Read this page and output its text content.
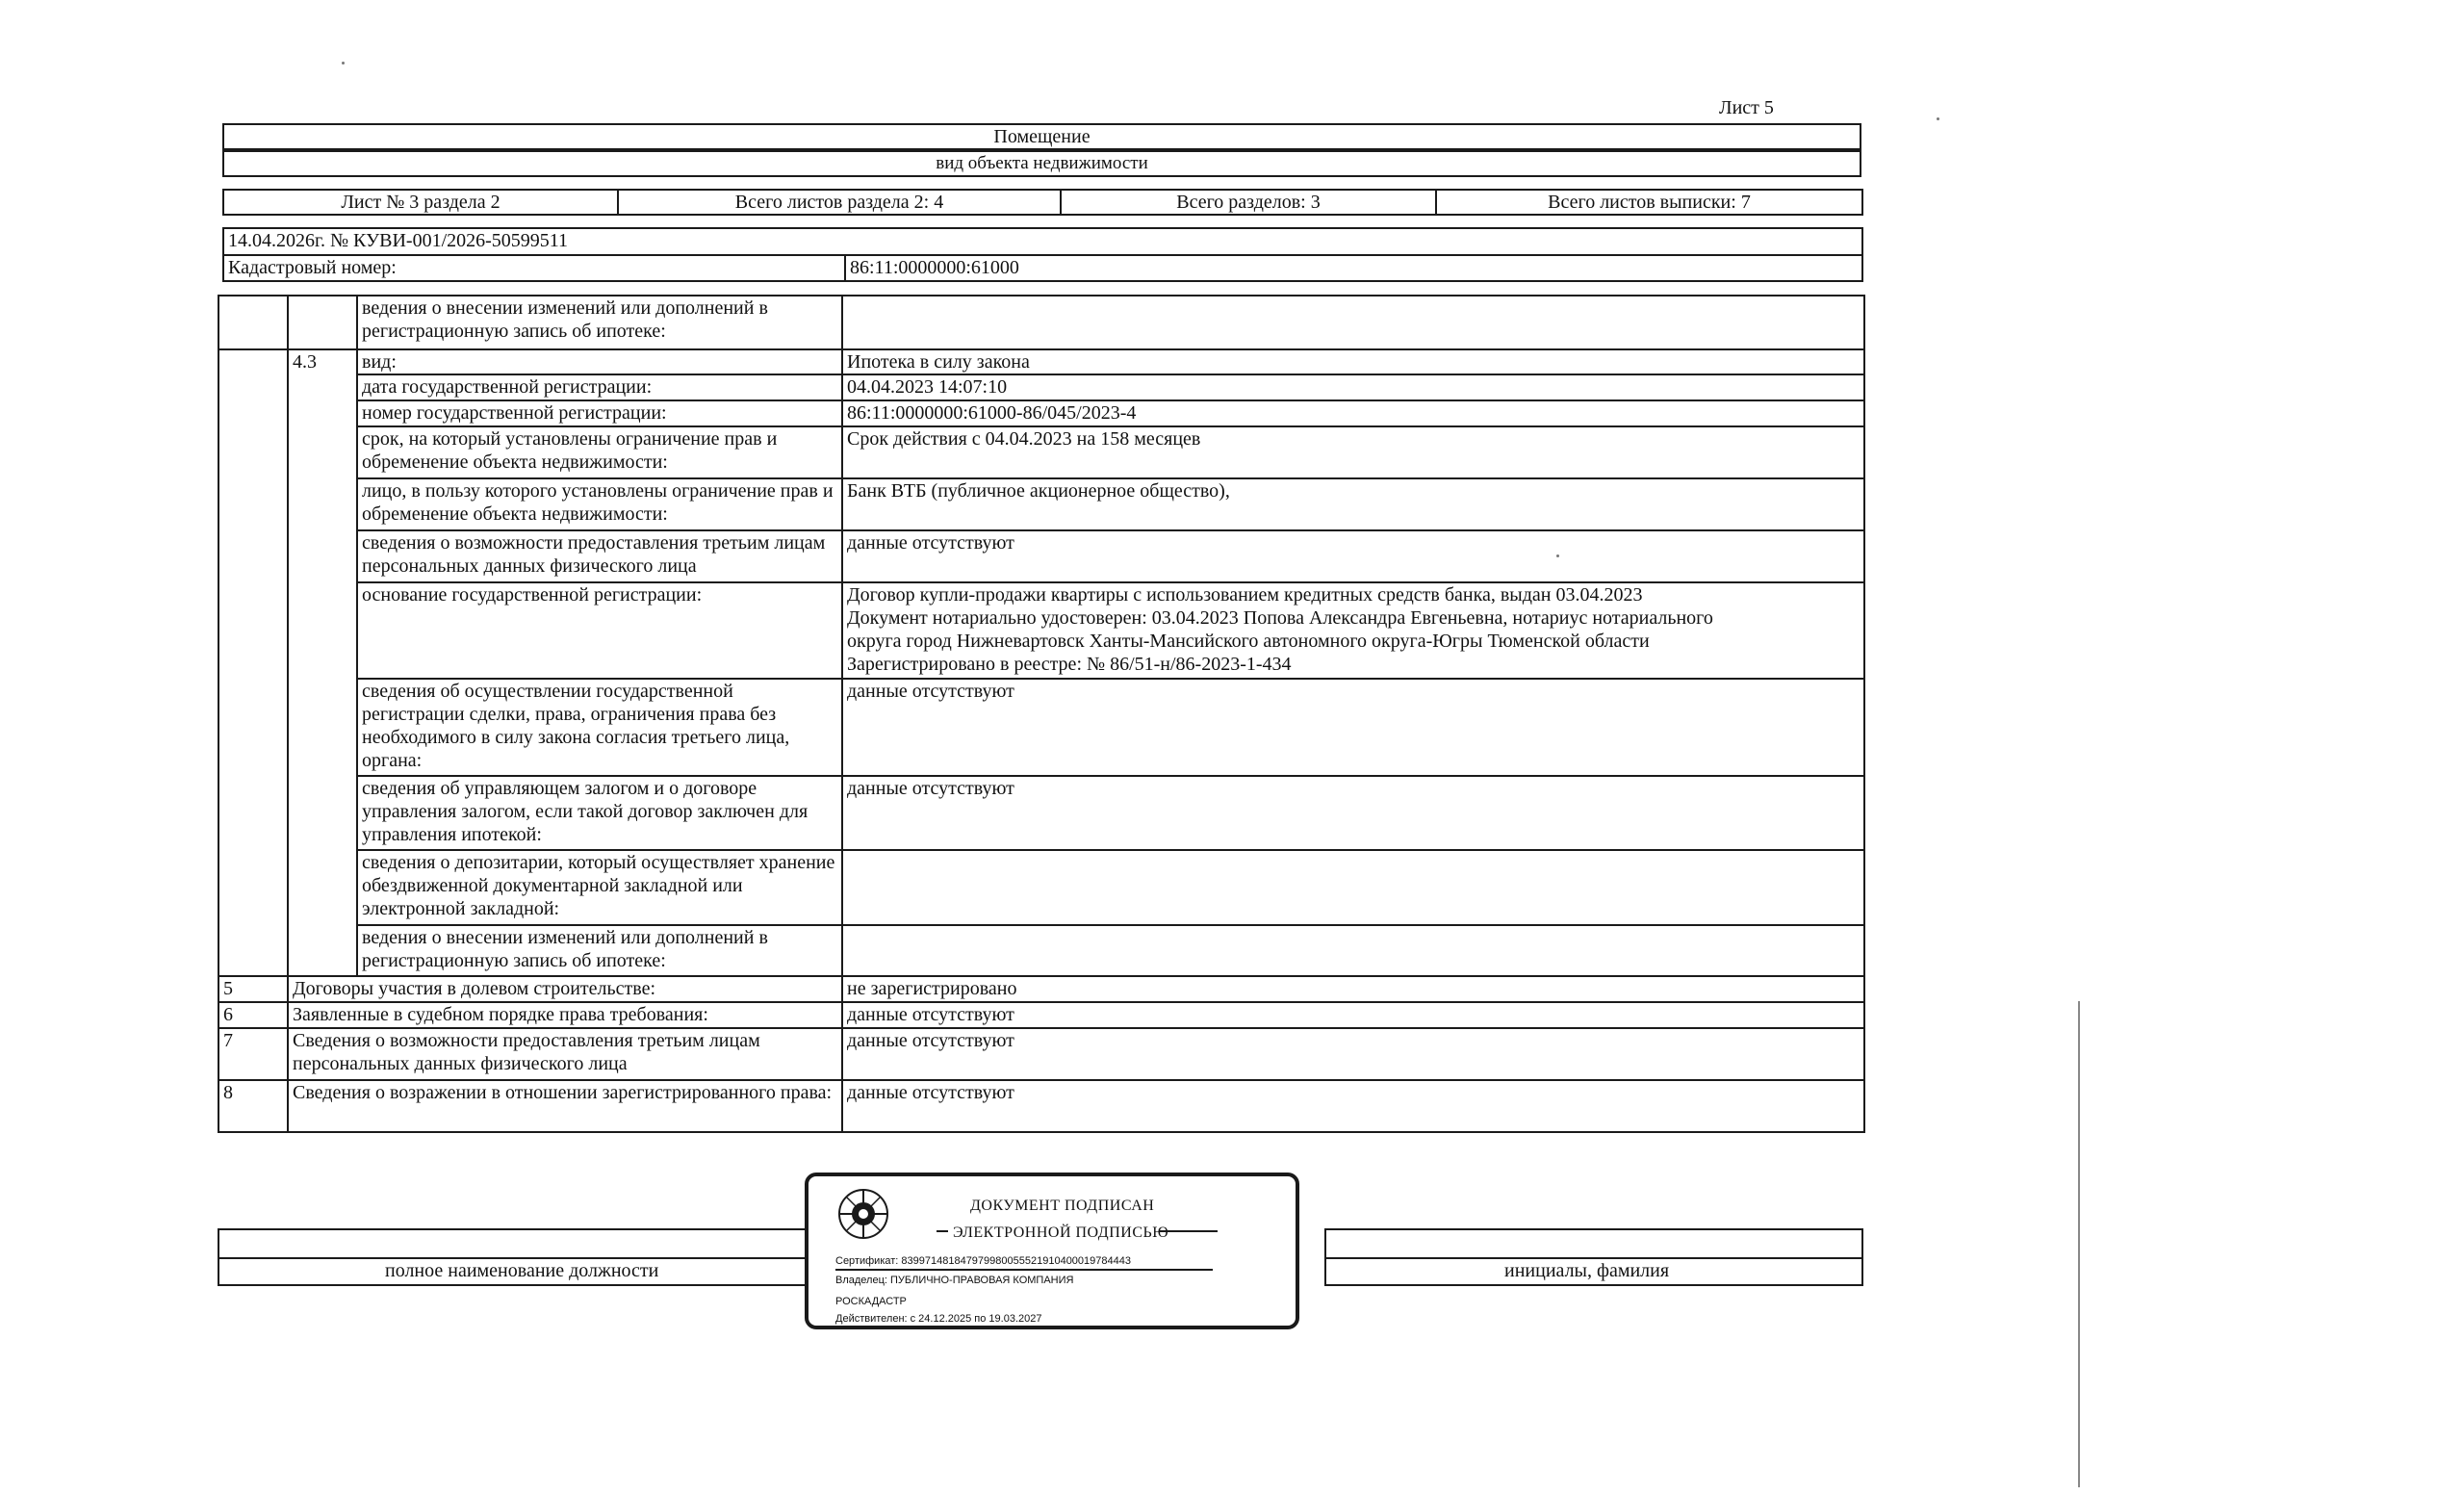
Лист 5
Помещение
вид объекта недвижимости
Лист № 3 раздела 2	Всего листов раздела 2: 4	Всего разделов: 3	Всего листов выписки: 7
14.04.2026г. № КУВИ-001/2026-50599511
Кадастровый номер:	86:11:0000000:61000
		ведения о внесении изменений или дополнений в регистрационную запись об ипотеке:	
	4.3	вид:	Ипотека в силу закона
		дата государственной регистрации:	04.04.2023 14:07:10
		номер государственной регистрации:	86:11:0000000:61000-86/045/2023-4
		срок, на который установлены ограничение прав и обременение объекта недвижимости:	Срок действия с 04.04.2023 на 158 месяцев
		лицо, в пользу которого установлены ограничение прав и обременение объекта недвижимости:	Банк ВТБ (публичное акционерное общество),
		сведения о возможности предоставления третьим лицам персональных данных физического лица	данные отсутствуют
		основание государственной регистрации:	Договор купли-продажи квартиры с использованием кредитных средств банка, выдан 03.04.2023
Документ нотариально удостоверен: 03.04.2023 Попова Александра Евгеньевна, нотариус нотариального
округа город Нижневартовск Ханты-Мансийского автономного округа-Югры Тюменской области
Зарегистрировано в реестре: № 86/51-н/86-2023-1-434

		сведения об осуществлении государственной регистрации сделки, права, ограничения права без необходимого в силу закона согласия третьего лица, органа:	данные отсутствуют
		сведения об управляющем залогом и о договоре управления залогом, если такой договор заключен для управления ипотекой:	данные отсутствуют
		сведения о депозитарии, который осуществляет хранение обездвиженной документарной закладной или электронной закладной:	
		ведения о внесении изменений или дополнений в регистрационную запись об ипотеке:	

5	Договоры участия в долевом строительстве:		не зарегистрировано
6	Заявленные в судебном порядке права требования:		данные отсутствуют
7	Сведения о возможности предоставления третьим лицам персональных данных физического лица		данные отсутствуют
8	Сведения о возражении в отношении зарегистрированного права:		данные отсутствуют
полное наименование должности	инициалы, фамилия
ДОКУМЕНТ ПОДПИСАН
ЭЛЕКТРОННОЙ ПОДПИСЬЮ
Сертификат: 839971481847979980055521910400019784443
Владелец: ПУБЛИЧНО-ПРАВОВАЯ КОМПАНИЯ
РОСКАДАСТР
Действителен: с 24.12.2025 по 19.03.2027
